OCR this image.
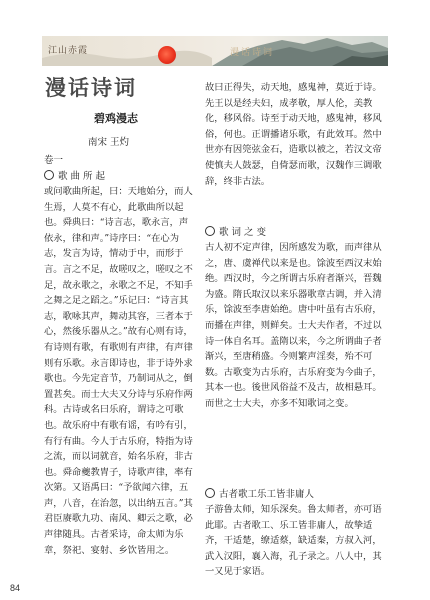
江山赤霞	漫话诗词
漫话诗词
碧鸡漫志
南宋 王灼
卷一
歌 曲 所 起
或问歌曲所起，曰：天地始分，而人生焉，人莫不有心，此歌曲所以起也。舜典曰：“诗言志，歌永言，声依永，律和声。”诗序曰：“在心为志，发言为诗，情动于中，而形于言。言之不足，故嗟叹之，嗟叹之不足，故永歌之，永歌之不足，不知手之舞之足之蹈之。”乐记曰：“诗言其志，歌咏其声，舞动其容，三者本于心，然後乐器从之。”故有心则有诗，有诗则有歌，有歌则有声律，有声律则有乐歌。永言即诗也，非于诗外求歌也。今先定音节，乃制词从之，倒置甚矣。而士大夫又分诗与乐府作两科。古诗或名曰乐府，谓诗之可歌也。故乐府中有歌有谣，有吟有引，有行有曲。今人于古乐府，特指为诗之流，而以词就音，始名乐府，非古也。舜命夔教胄子，诗歌声律，率有次第。又语禹曰：“予欲闻六律，五声，八音，在治忽，以出纳五言。”其君臣赓歌九功、南风、卿云之歌，必声律随具。古者采诗，命太师为乐章，祭祀、宴射、乡饮皆用之。
故曰正得失，动天地，感鬼神，莫近于诗。先王以是经夫妇，成孝敬，厚人伦，美教化，移风俗。诗至于动天地，感鬼神，移风俗，何也。正谓播诸乐歌，有此效耳。然中世亦有因筦弦金石，造歌以被之，若汉文帝使慎夫人鼓瑟，自倚瑟而歌，汉魏作三调歌辞，终非古法。
歌 词 之 变
古人初不定声律，因所感发为歌，而声律从之，唐、虞禅代以来是也。馀波至西汉末始绝。西汉时，今之所谓古乐府者渐兴，晋魏为盛。隋氏取汉以来乐器歌章古调，并入清乐，馀波至李唐始绝。唐中叶虽有古乐府，而播在声律，则鲜矣。士大夫作者，不过以诗一体自名耳。盖隋以来，今之所谓曲子者渐兴，至唐稍盛。今则繁声淫奏，殆不可数。古歌变为古乐府，古乐府变为今曲子，其本一也。後世风俗益不及古，故相悬耳。而世之士大夫，亦多不知歌词之变。
古者歌工乐工皆非庸人
子游鲁太师，知乐深矣。鲁太师者，亦可语此耶。古者歌工、乐工皆非庸人，故挚适齐，干适楚，缭适蔡，缺适秦，方叔入河，武入汉阳，襄入海，孔子录之。八人中，其一又见于家语。
84
